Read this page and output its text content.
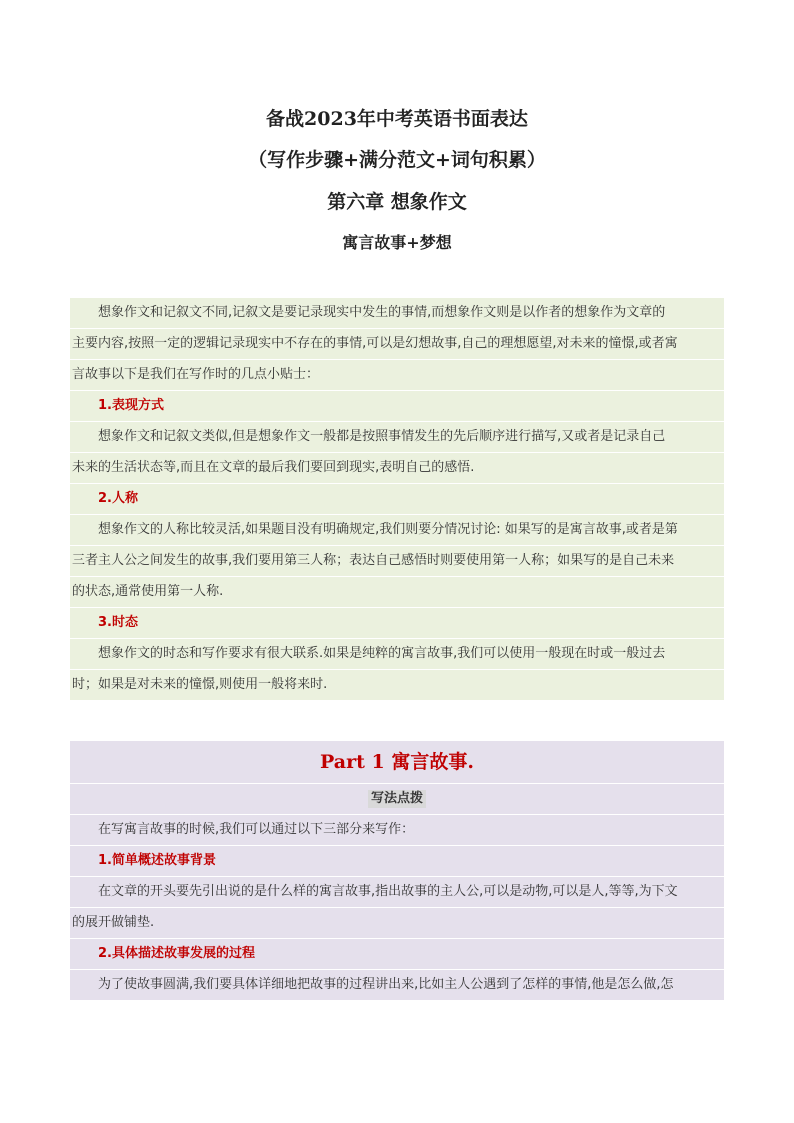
备战2023年中考英语书面表达
（写作步骤+满分范文+词句积累）
第六章 想象作文
寓言故事+梦想
想象作文和记叙文不同,记叙文是要记录现实中发生的事情,而想象作文则是以作者的想象作为文章的
主要内容,按照一定的逻辑记录现实中不存在的事情,可以是幻想故事,自己的理想愿望,对未来的憧憬,或者寓
言故事以下是我们在写作时的几点小贴士：
1.表现方式
想象作文和记叙文类似,但是想象作文一般都是按照事情发生的先后顺序进行描写,又或者是记录自己
未来的生活状态等,而且在文章的最后我们要回到现实,表明自己的感悟.
2.人称
想象作文的人称比较灵活,如果题目没有明确规定,我们则要分情况讨论: 如果写的是寓言故事,或者是第
三者主人公之间发生的故事,我们要用第三人称；表达自己感悟时则要使用第一人称；如果写的是自己未来
的状态,通常使用第一人称.
3.时态
想象作文的时态和写作要求有很大联系.如果是纯粹的寓言故事,我们可以使用一般现在时或一般过去
时；如果是对未来的憧憬,则使用一般将来时.
Part 1 寓言故事.
写法点拨
在写寓言故事的时候,我们可以通过以下三部分来写作：
1.简单概述故事背景
在文章的开头要先引出说的是什么样的寓言故事,指出故事的主人公,可以是动物,可以是人,等等,为下文
的展开做铺垫.
2.具体描述故事发展的过程
为了使故事圆满,我们要具体详细地把故事的过程讲出来,比如主人公遇到了怎样的事情,他是怎么做,怎
